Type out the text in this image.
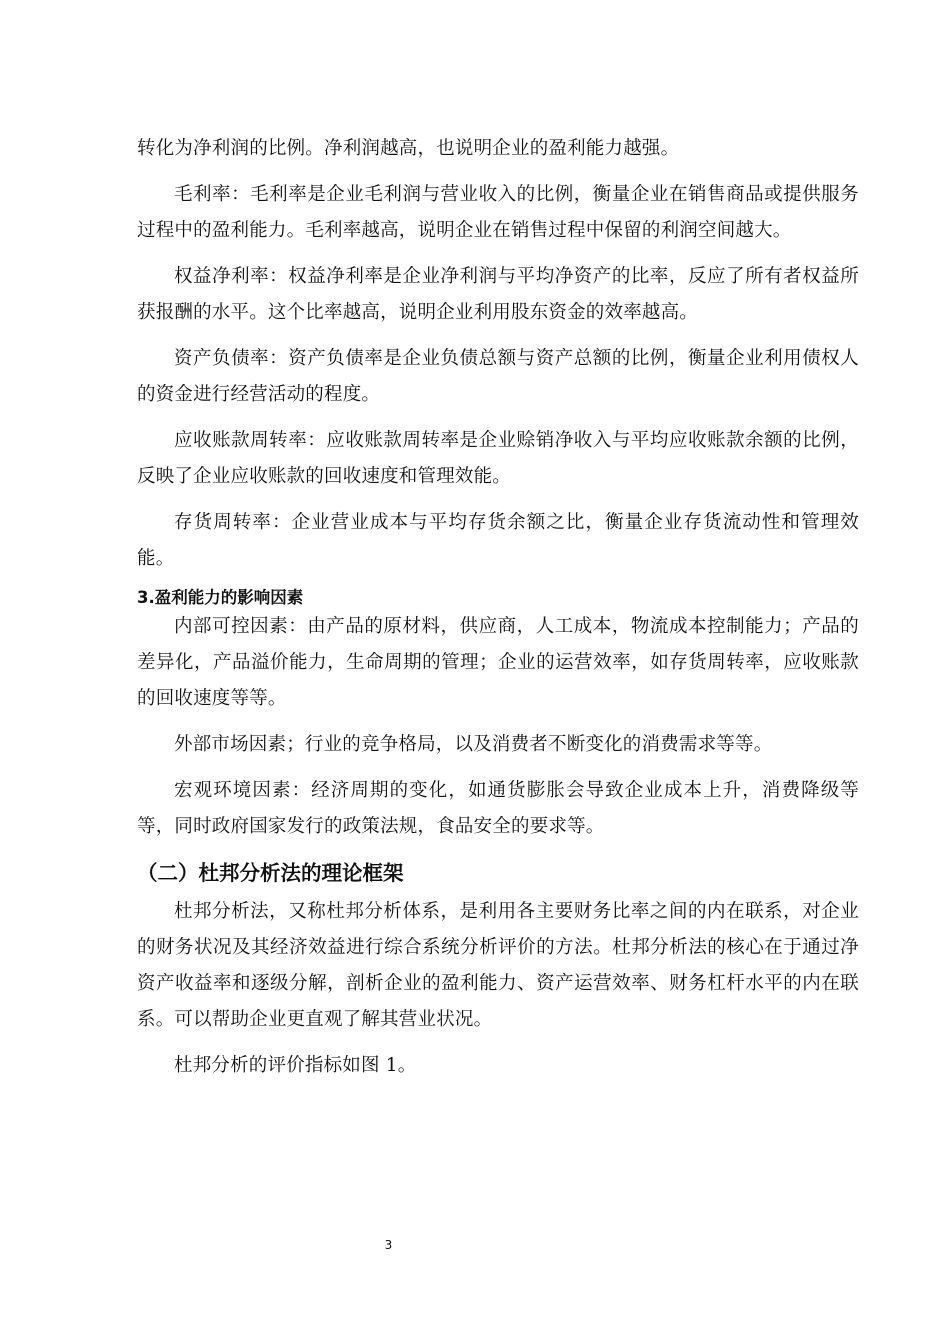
转化为净利润的比例。净利润越高，也说明企业的盈利能力越强。

毛利率：毛利率是企业毛利润与营业收入的比例，衡量企业在销售商品或提供服务过程中的盈利能力。毛利率越高，说明企业在销售过程中保留的利润空间越大。

权益净利率：权益净利率是企业净利润与平均净资产的比率，反应了所有者权益所获报酬的水平。这个比率越高，说明企业利用股东资金的效率越高。

资产负债率：资产负债率是企业负债总额与资产总额的比例，衡量企业利用债权人的资金进行经营活动的程度。

应收账款周转率：应收账款周转率是企业赊销净收入与平均应收账款余额的比例，反映了企业应收账款的回收速度和管理效能。

存货周转率：企业营业成本与平均存货余额之比，衡量企业存货流动性和管理效能。

3.盈利能力的影响因素

内部可控因素：由产品的原材料，供应商，人工成本，物流成本控制能力；产品的差异化，产品溢价能力，生命周期的管理；企业的运营效率，如存货周转率，应收账款的回收速度等等。

外部市场因素；行业的竞争格局，以及消费者不断变化的消费需求等等。

宏观环境因素：经济周期的变化，如通货膨胀会导致企业成本上升，消费降级等等，同时政府国家发行的政策法规，食品安全的要求等。

（二）杜邦分析法的理论框架

杜邦分析法，又称杜邦分析体系，是利用各主要财务比率之间的内在联系，对企业的财务状况及其经济效益进行综合系统分析评价的方法。杜邦分析法的核心在于通过净资产收益率和逐级分解，剖析企业的盈利能力、资产运营效率、财务杠杆水平的内在联系。可以帮助企业更直观了解其营业状况。

杜邦分析的评价指标如图 1。

3
